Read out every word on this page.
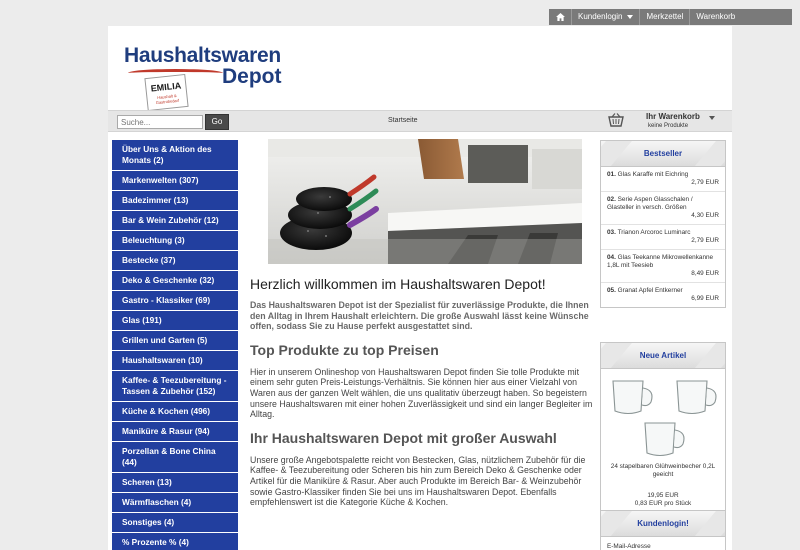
Kundenlogin	Merkzettel	Warenkorb
Haushaltswaren
Depot
EMILIA
Haushalt & Gastrobedarf
Suche...
Go	Startseite	Ihr Warenkorb
keine Produkte
Über Uns & Aktion des Monats (2)
Markenwelten (307)
Badezimmer (13)
Bar & Wein Zubehör (12)
Beleuchtung (3)
Bestecke (37)
Deko & Geschenke (32)
Gastro - Klassiker (69)
Glas (191)
Grillen und Garten (5)
Haushaltswaren (10)
Kaffee- & Teezubereitung - Tassen & Zubehör (152)
Küche & Kochen (496)
Maniküre & Rasur (94)
Porzellan & Bone China (44)
Scheren (13)
Wärmflaschen (4)
Sonstiges (4)
% Prozente % (4)
Herzlich willkommen im Haushaltswaren Depot!

Das Haushaltswaren Depot ist der Spezialist für zuverlässige Produkte, die Ihnen den Alltag in Ihrem Haushalt erleichtern. Die große Auswahl lässt keine Wünsche offen, sodass Sie zu Hause perfekt ausgestattet sind.

Top Produkte zu top Preisen

Hier in unserem Onlineshop von Haushaltswaren Depot finden Sie tolle Produkte mit einem sehr guten Preis-Leistungs-Verhältnis. Sie können hier aus einer Vielzahl von Waren aus der ganzen Welt wählen, die uns qualitativ überzeugt haben. So begeistern unsere Haushaltswaren mit einer hohen Zuverlässigkeit und sind ein langer Begleiter im Alltag.

Ihr Haushaltswaren Depot mit großer Auswahl

Unsere große Angebotspalette reicht von Bestecken, Glas, nützlichem Zubehör für die Kaffee- & Teezubereitung oder Scheren bis hin zum Bereich Deko & Geschenke oder Artikel für die Maniküre & Rasur. Aber auch Produkte im Bereich Bar- & Weinzubehör sowie Gastro-Klassiker finden Sie bei uns im Haushaltswaren Depot. Ebenfalls empfehlenswert ist die Kategorie Küche & Kochen.

Bestseller
01. Glas Karaffe mit Eichring
2,79 EUR
02. Serie Aspen Glasschalen / Glasteller in versch. Größen
4,30 EUR
03. Trianon Arcoroc Luminarc
2,79 EUR
04. Glas Teekanne Mikrowellenkanne 1,8L mit Teesieb
8,49 EUR
05. Granat Apfel Entkerner
6,99 EUR
Neue Artikel
24 stapelbaren Glühweinbecher 0,2L geeicht
19,95 EUR
0,83 EUR pro Stück
Kundenlogin!
E-Mail-Adresse
